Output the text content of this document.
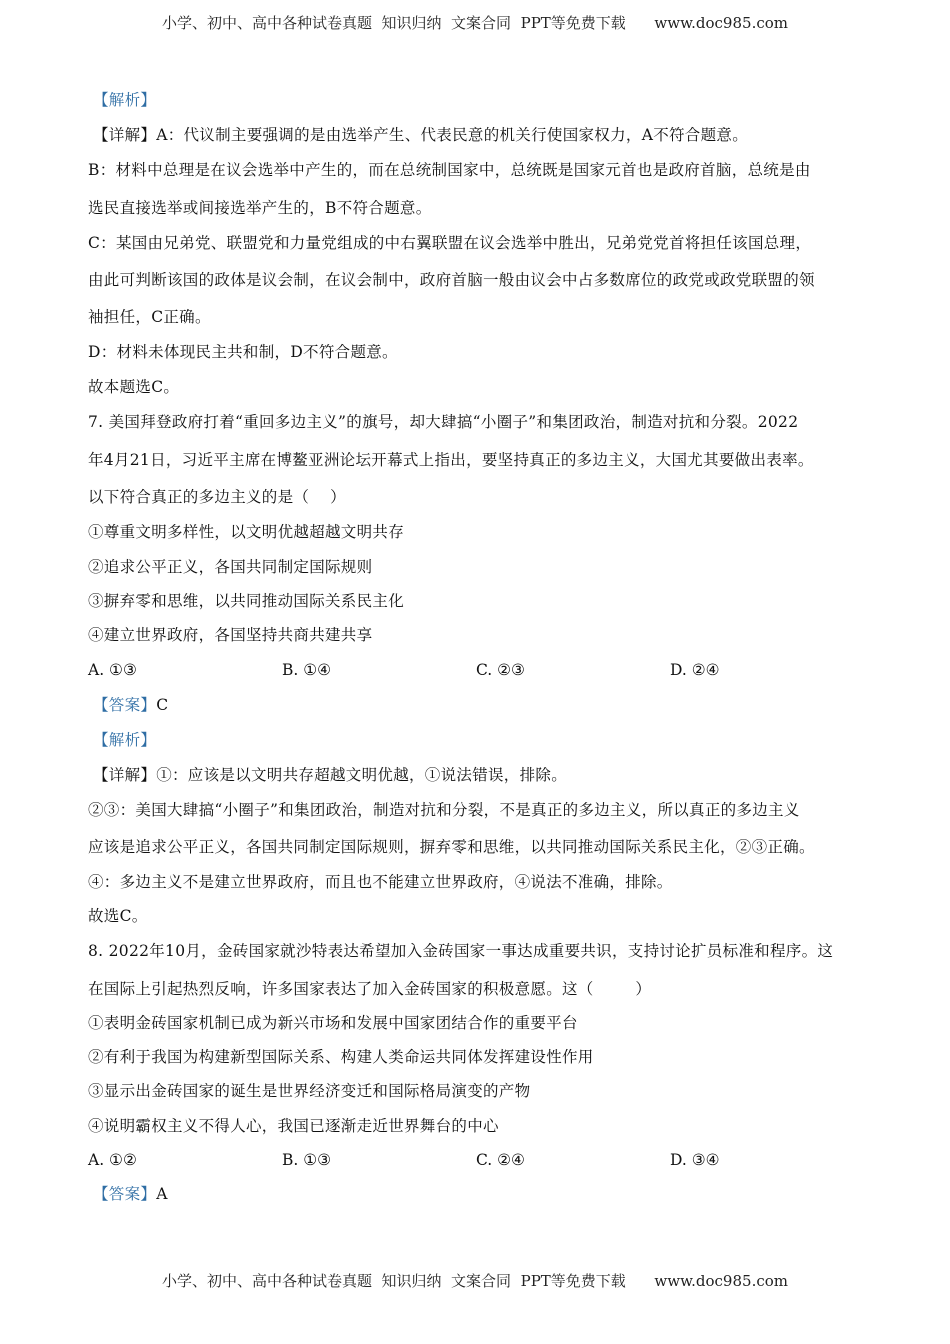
小学、初中、高中各种试卷真题  知识归纳  文案合同  PPT等免费下载      www.doc985.com
【解析】
【详解】A：代议制主要强调的是由选举产生、代表民意的机关行使国家权力，A不符合题意。
B：材料中总理是在议会选举中产生的，而在总统制国家中，总统既是国家元首也是政府首脑，总统是由
选民直接选举或间接选举产生的，B不符合题意。
C：某国由兄弟党、联盟党和力量党组成的中右翼联盟在议会选举中胜出，兄弟党党首将担任该国总理，
由此可判断该国的政体是议会制，在议会制中，政府首脑一般由议会中占多数席位的政党或政党联盟的领
袖担任，C正确。
D：材料未体现民主共和制，D不符合题意。
故本题选C。
7. 美国拜登政府打着“重回多边主义”的旗号，却大肆搞“小圈子”和集团政治，制造对抗和分裂。2022
年4月21日，习近平主席在博鳌亚洲论坛开幕式上指出，要坚持真正的多边主义，大国尤其要做出表率。
以下符合真正的多边主义的是（    ）
①尊重文明多样性，以文明优越超越文明共存
②追求公平正义，各国共同制定国际规则
③摒弃零和思维，以共同推动国际关系民主化
④建立世界政府，各国坚持共商共建共享
A. ①③	B. ①④	C. ②③	D. ②④
【答案】C
【解析】
【详解】①：应该是以文明共存超越文明优越，①说法错误，排除。
②③：美国大肆搞“小圈子”和集团政治，制造对抗和分裂，不是真正的多边主义，所以真正的多边主义
应该是追求公平正义，各国共同制定国际规则，摒弃零和思维，以共同推动国际关系民主化，②③正确。
④：多边主义不是建立世界政府，而且也不能建立世界政府，④说法不准确，排除。
故选C。
8. 2022年10月，金砖国家就沙特表达希望加入金砖国家一事达成重要共识，支持讨论扩员标准和程序。这
在国际上引起热烈反响，许多国家表达了加入金砖国家的积极意愿。这（        ）
①表明金砖国家机制已成为新兴市场和发展中国家团结合作的重要平台
②有利于我国为构建新型国际关系、构建人类命运共同体发挥建设性作用
③显示出金砖国家的诞生是世界经济变迁和国际格局演变的产物
④说明霸权主义不得人心，我国已逐渐走近世界舞台的中心
A. ①②	B. ①③	C. ②④	D. ③④
【答案】A
小学、初中、高中各种试卷真题  知识归纳  文案合同  PPT等免费下载      www.doc985.com
